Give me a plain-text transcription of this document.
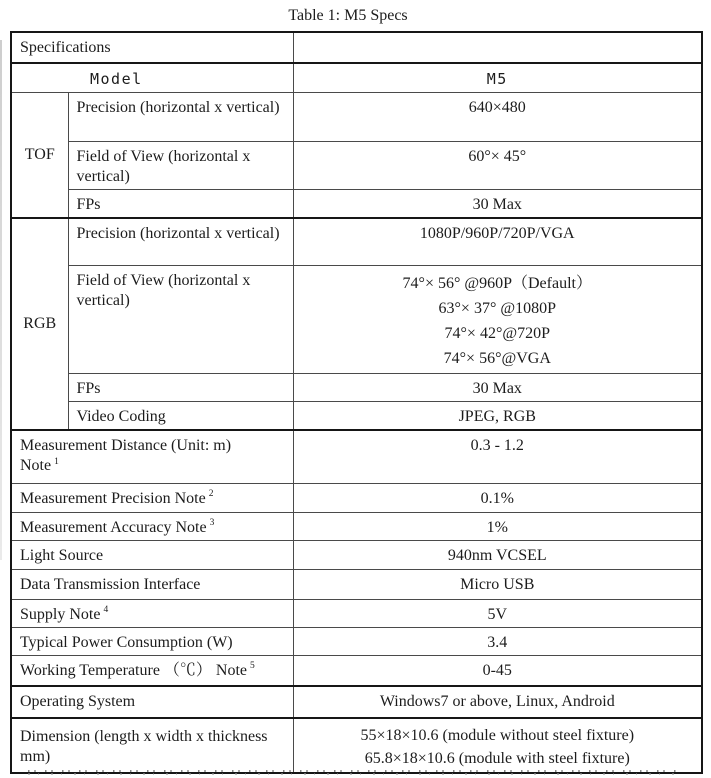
Table 1: M5 Specs
Specifications		
Model		M5
TOF	Precision (horizontal x vertical)	640×480
	Field of View (horizontal x vertical)	60°× 45°
	FPs	30 Max
RGB	Precision (horizontal x vertical)	1080P/960P/720P/VGA
	Field of View (horizontal x vertical)	74°× 56° @960P（Default）
63°× 37° @1080P
74°× 42°@720P
74°× 56°@VGA

	FPs	30 Max
	Video Coding	JPEG, RGB
Measurement Distance (Unit: m)
Note $^1$		0.3 - 1.2
Measurement Precision Note $^2$		0.1%
Measurement Accuracy Note $^3$		1%
Light Source		940nm VCSEL
Data Transmission Interface		Micro USB
Supply Note $^4$		5V
Typical Power Consumption (W)		3.4
Working Temperature （℃） Note $^5$		0-45
Operating System		Windows7 or above, Linux, Android
Dimension (length x width x thickness mm)		55×18×10.6 (module without steel fixture)
65.8×18×10.6 (module with steel fixture)
